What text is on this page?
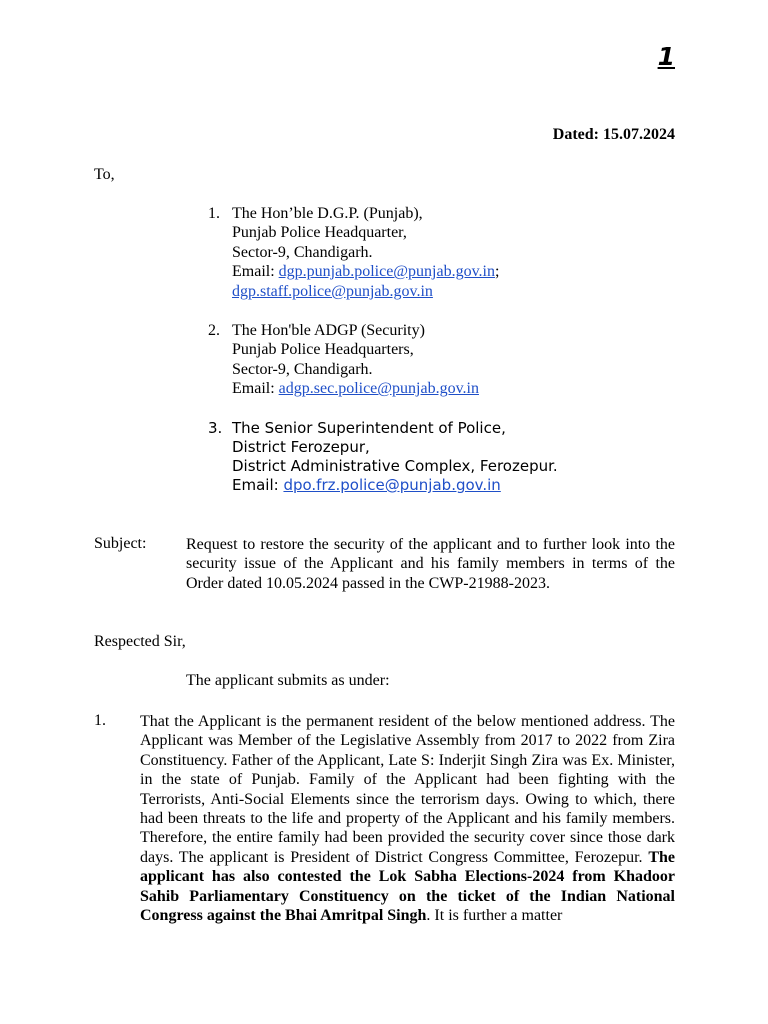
1
Dated: 15.07.2024
To,
1. The Hon’ble D.G.P. (Punjab),
Punjab Police Headquarter,
Sector-9, Chandigarh.
Email: dgp.punjab.police@punjab.gov.in;
dgp.staff.police@punjab.gov.in
2. The Hon'ble ADGP (Security)
Punjab Police Headquarters,
Sector-9, Chandigarh.
Email: adgp.sec.police@punjab.gov.in
3. The Senior Superintendent of Police,
District Ferozepur,
District Administrative Complex, Ferozepur.
Email: dpo.frz.police@punjab.gov.in
Subject: Request to restore the security of the applicant and to further look into the security issue of the Applicant and his family members in terms of the Order dated 10.05.2024 passed in the CWP-21988-2023.
Respected Sir,
The applicant submits as under:
1. That the Applicant is the permanent resident of the below mentioned address. The Applicant was Member of the Legislative Assembly from 2017 to 2022 from Zira Constituency. Father of the Applicant, Late S: Inderjit Singh Zira was Ex. Minister, in the state of Punjab. Family of the Applicant had been fighting with the Terrorists, Anti-Social Elements since the terrorism days. Owing to which, there had been threats to the life and property of the Applicant and his family members. Therefore, the entire family had been provided the security cover since those dark days. The applicant is President of District Congress Committee, Ferozepur. The applicant has also contested the Lok Sabha Elections-2024 from Khadoor Sahib Parliamentary Constituency on the ticket of the Indian National Congress against the Bhai Amritpal Singh. It is further a matter
